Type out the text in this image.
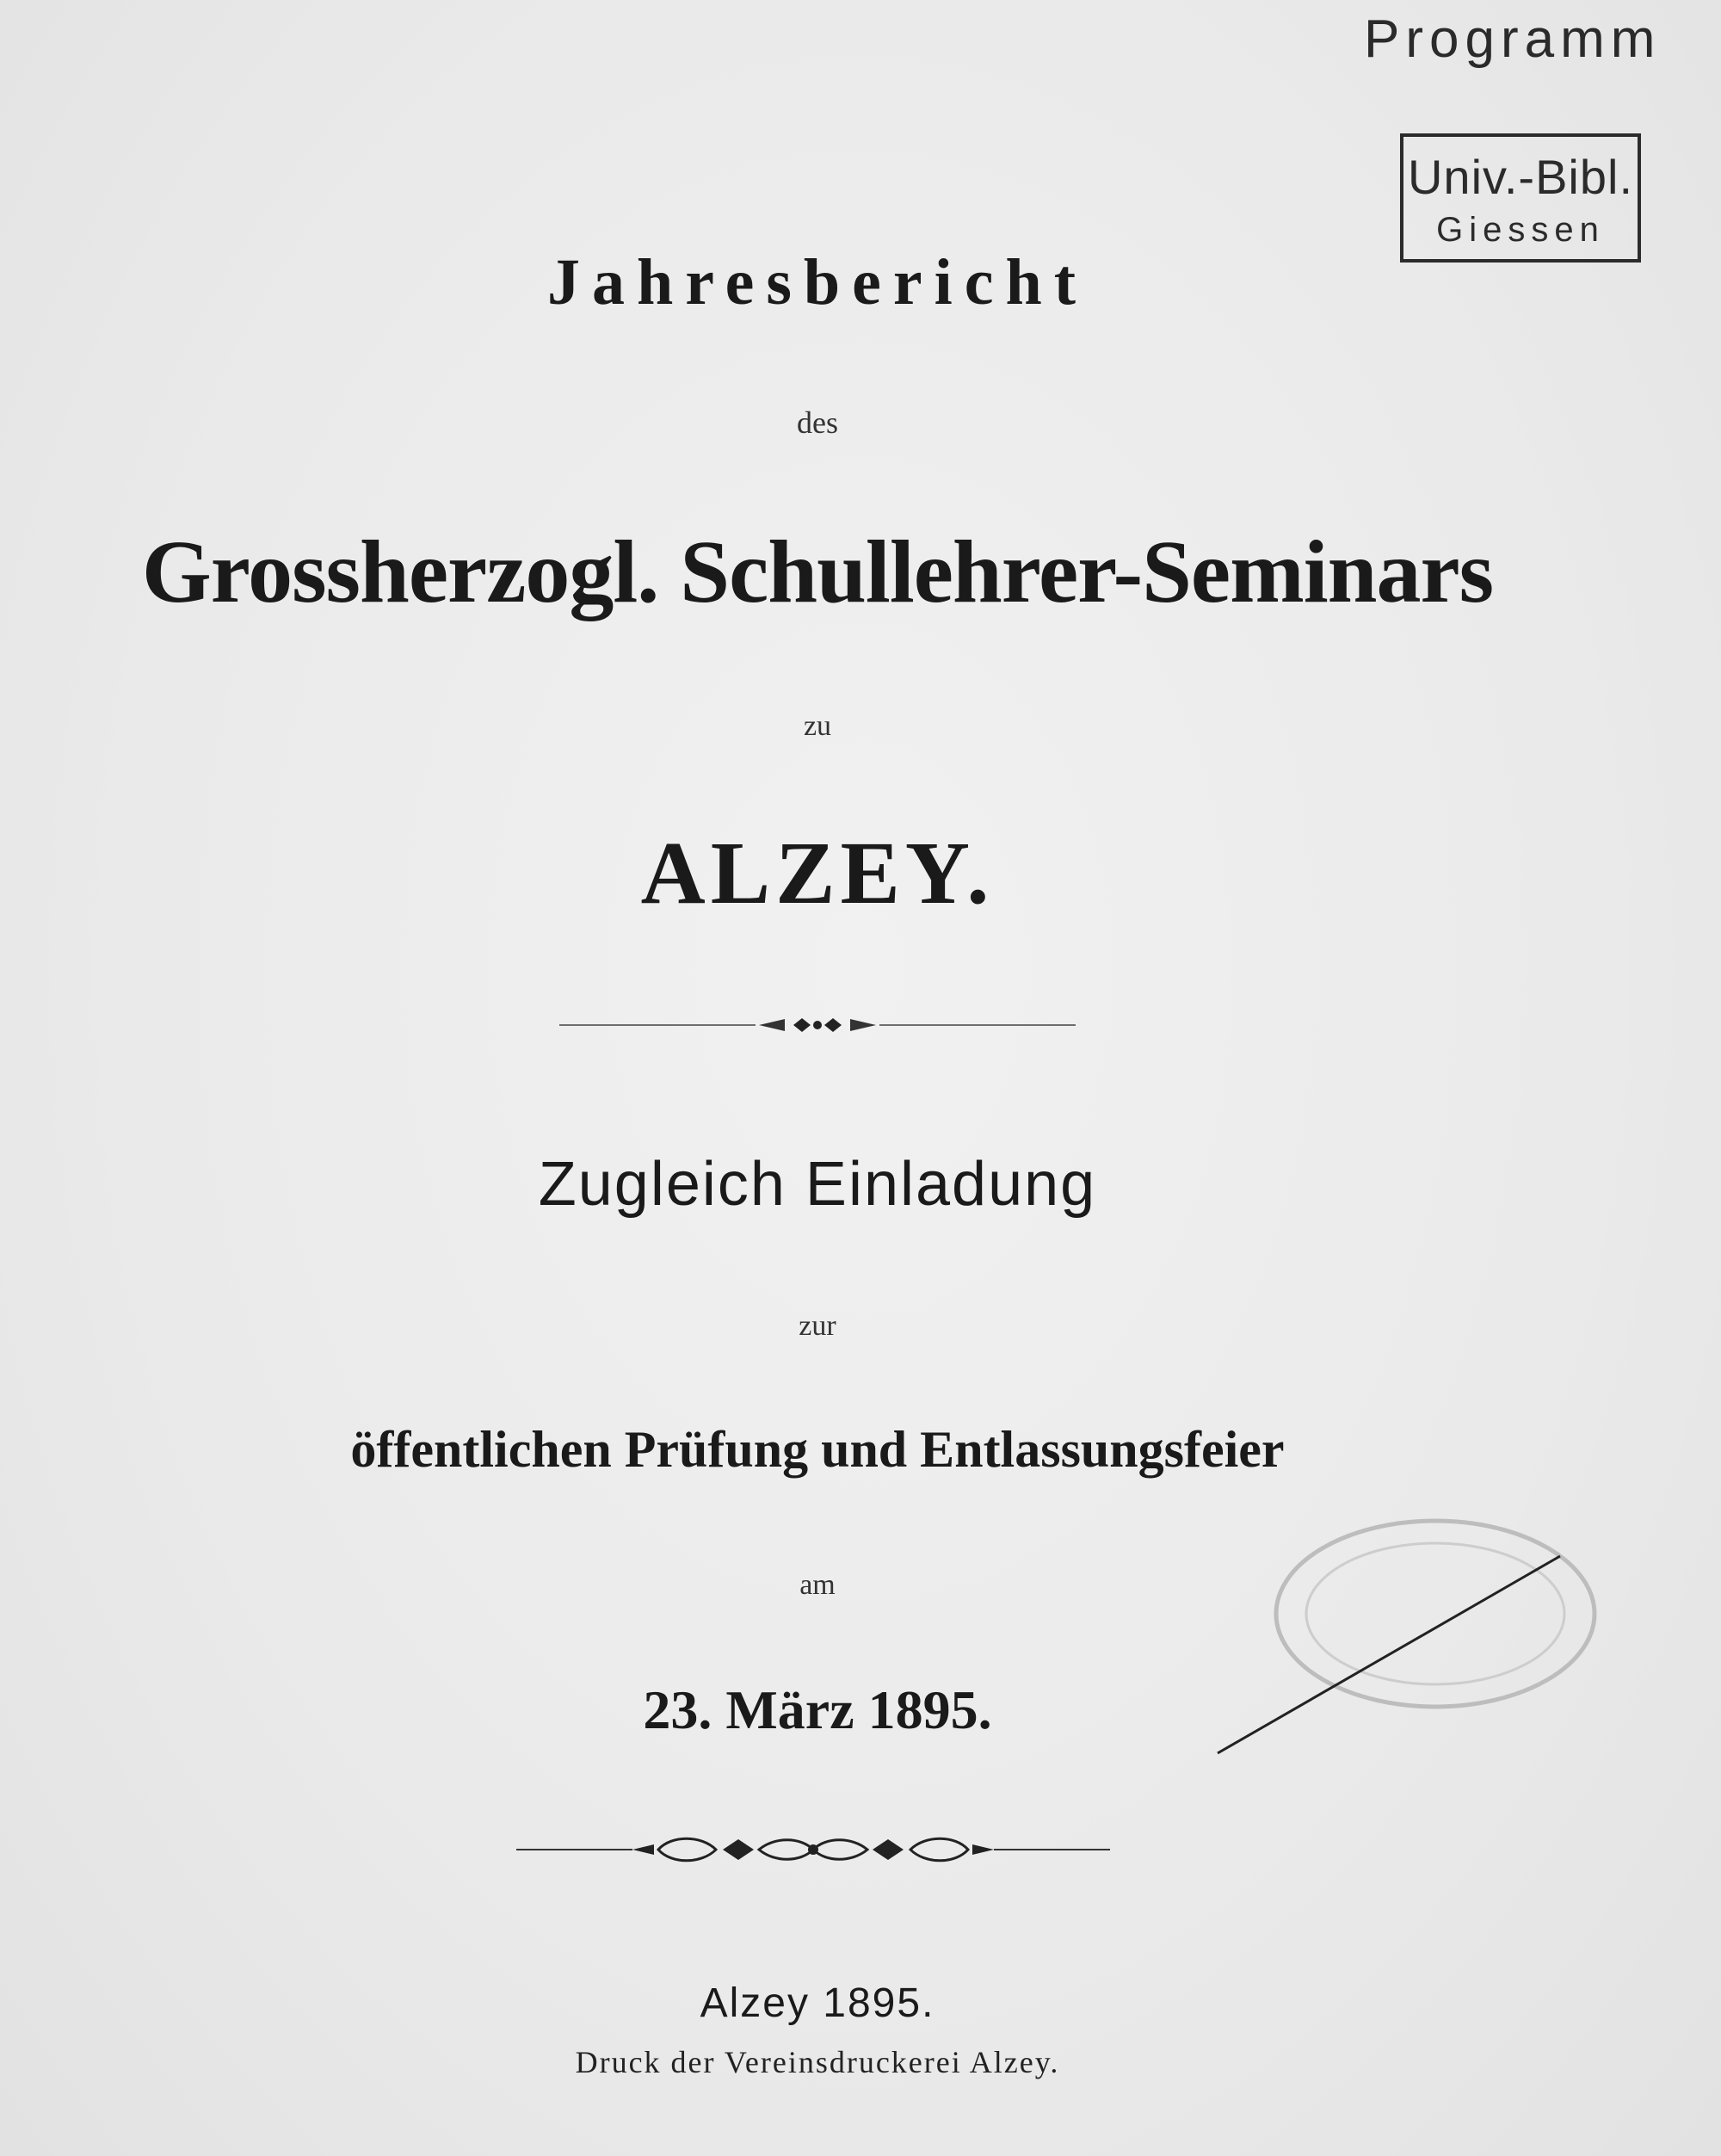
Programm
Univ.-Bibl.
Giessen
Jahresbericht
des
Grossherzogl. Schullehrer-Seminars
zu
ALZEY.
Zugleich Einladung
zur
öffentlichen Prüfung und Entlassungsfeier
am
23. März 1895.
Alzey 1895.
Druck der Vereinsdruckerei Alzey.
